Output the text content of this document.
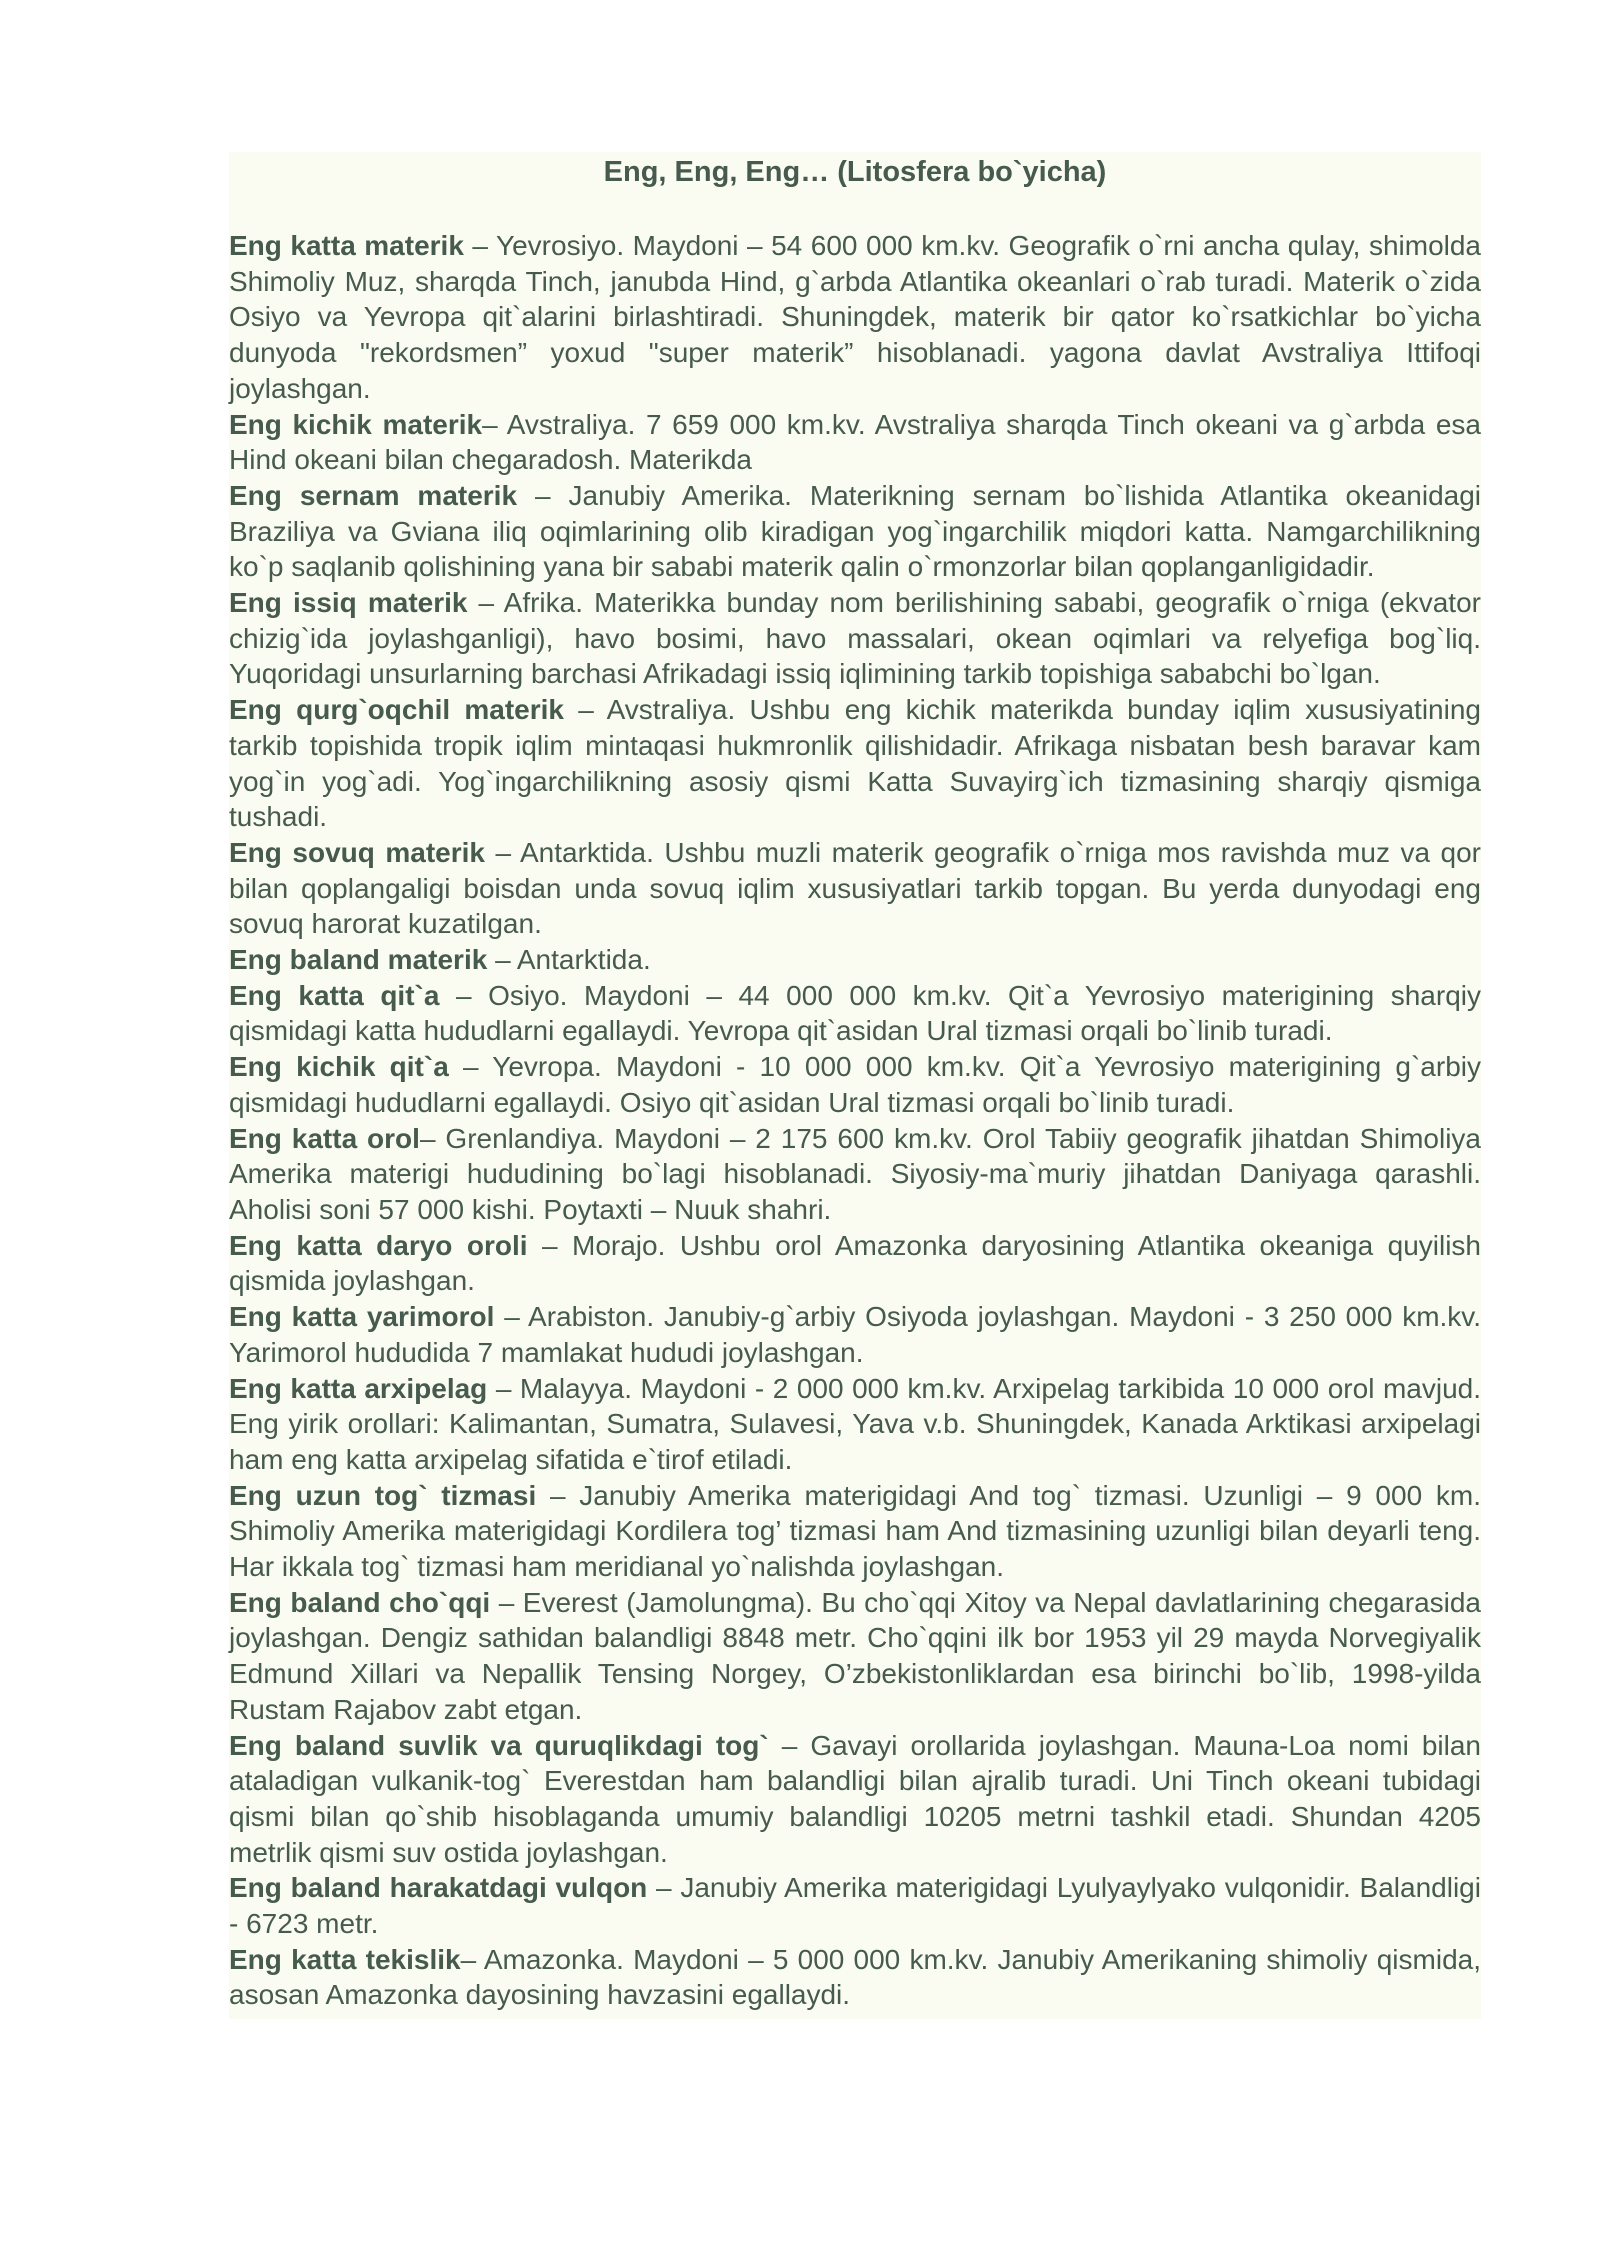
Eng, Eng, Eng… (Litosfera bo`yicha)

Eng katta materik – Yevrosiyo. Maydoni – 54 600 000 km.kv. Geografik o`rni ancha qulay, shimolda Shimoliy Muz, sharqda Tinch, janubda Hind, g`arbda Atlantika okeanlari o`rab turadi. Materik o`zida Osiyo va Yevropa qit`alarini birlashtiradi. Shuningdek, materik bir qator ko`rsatkichlar bo`yicha dunyoda "rekordsmen” yoxud "super materik” hisoblanadi. yagona davlat Avstraliya Ittifoqi joylashgan.

Eng kichik materik– Avstraliya. 7 659 000 km.kv. Avstraliya sharqda Tinch okeani va g`arbda esa Hind okeani bilan chegaradosh. Materikda

Eng sernam materik – Janubiy Amerika. Materikning sernam bo`lishida Atlantika okeanidagi Braziliya va Gviana iliq oqimlarining olib kiradigan yog`ingarchilik miqdori katta. Namgarchilikning ko`p saqlanib qolishining yana bir sababi materik qalin o`rmonzorlar bilan qoplanganligidadir.

Eng issiq materik – Afrika. Materikka bunday nom berilishining sababi, geografik o`rniga (ekvator chizig`ida joylashganligi), havo bosimi, havo massalari, okean oqimlari va relyefiga bog`liq. Yuqoridagi unsurlarning barchasi Afrikadagi issiq iqlimining tarkib topishiga sababchi bo`lgan.

Eng qurg`oqchil materik – Avstraliya. Ushbu eng kichik materikda bunday iqlim xususiyatining tarkib topishida tropik iqlim mintaqasi hukmronlik qilishidadir. Afrikaga nisbatan besh baravar kam yog`in yog`adi. Yog`ingarchilikning asosiy qismi Katta Suvayirg`ich tizmasining sharqiy qismiga tushadi.

Eng sovuq materik – Antarktida. Ushbu muzli materik geografik o`rniga mos ravishda muz va qor bilan qoplangaligi boisdan unda sovuq iqlim xususiyatlari tarkib topgan. Bu yerda dunyodagi eng sovuq harorat kuzatilgan.

Eng baland materik – Antarktida.

Eng katta qit`a – Osiyo. Maydoni – 44 000 000 km.kv. Qit`a Yevrosiyo materigining sharqiy qismidagi katta hududlarni egallaydi. Yevropa qit`asidan Ural tizmasi orqali bo`linib turadi.

Eng kichik qit`a – Yevropa. Maydoni - 10 000 000 km.kv. Qit`a Yevrosiyo materigining g`arbiy qismidagi hududlarni egallaydi. Osiyo qit`asidan Ural tizmasi orqali bo`linib turadi.

Eng katta orol– Grenlandiya. Maydoni – 2 175 600 km.kv. Orol Tabiiy geografik jihatdan Shimoliya Amerika materigi hududining bo`lagi hisoblanadi. Siyosiy-ma`muriy jihatdan Daniyaga qarashli. Aholisi soni 57 000 kishi. Poytaxti – Nuuk shahri.

Eng katta daryo oroli – Morajo. Ushbu orol Amazonka daryosining Atlantika okeaniga quyilish qismida joylashgan.

Eng katta yarimorol – Arabiston. Janubiy-g`arbiy Osiyoda joylashgan. Maydoni - 3 250 000 km.kv. Yarimorol hududida 7 mamlakat hududi joylashgan.

Eng katta arxipelag – Malayya. Maydoni - 2 000 000 km.kv. Arxipelag tarkibida 10 000 orol mavjud. Eng yirik orollari: Kalimantan, Sumatra, Sulavesi, Yava v.b. Shuningdek, Kanada Arktikasi arxipelagi ham eng katta arxipelag sifatida e`tirof etiladi.

Eng uzun tog` tizmasi – Janubiy Amerika materigidagi And tog` tizmasi. Uzunligi – 9 000 km. Shimoliy Amerika materigidagi Kordilera tog’ tizmasi ham And tizmasining uzunligi bilan deyarli teng. Har ikkala tog` tizmasi ham meridianal yo`nalishda joylashgan.

Eng baland cho`qqi – Everest (Jamolungma). Bu cho`qqi Xitoy va Nepal davlatlarining chegarasida joylashgan. Dengiz sathidan balandligi 8848 metr. Cho`qqini ilk bor 1953 yil 29 mayda Norvegiyalik Edmund Xillari va Nepallik Tensing Norgey, O’zbekistonliklardan esa birinchi bo`lib, 1998-yilda Rustam Rajabov zabt etgan.

Eng baland suvlik va quruqlikdagi tog` – Gavayi orollarida joylashgan. Mauna-Loa nomi bilan ataladigan vulkanik-tog` Everestdan ham balandligi bilan ajralib turadi. Uni Tinch okeani tubidagi qismi bilan qo`shib hisoblaganda umumiy balandligi 10205 metrni tashkil etadi. Shundan 4205 metrlik qismi suv ostida joylashgan.

Eng baland harakatdagi vulqon – Janubiy Amerika materigidagi Lyulyaylyako vulqonidir. Balandligi - 6723 metr.

Eng katta tekislik– Amazonka. Maydoni – 5 000 000 km.kv. Janubiy Amerikaning shimoliy qismida, asosan Amazonka dayosining havzasini egallaydi.
